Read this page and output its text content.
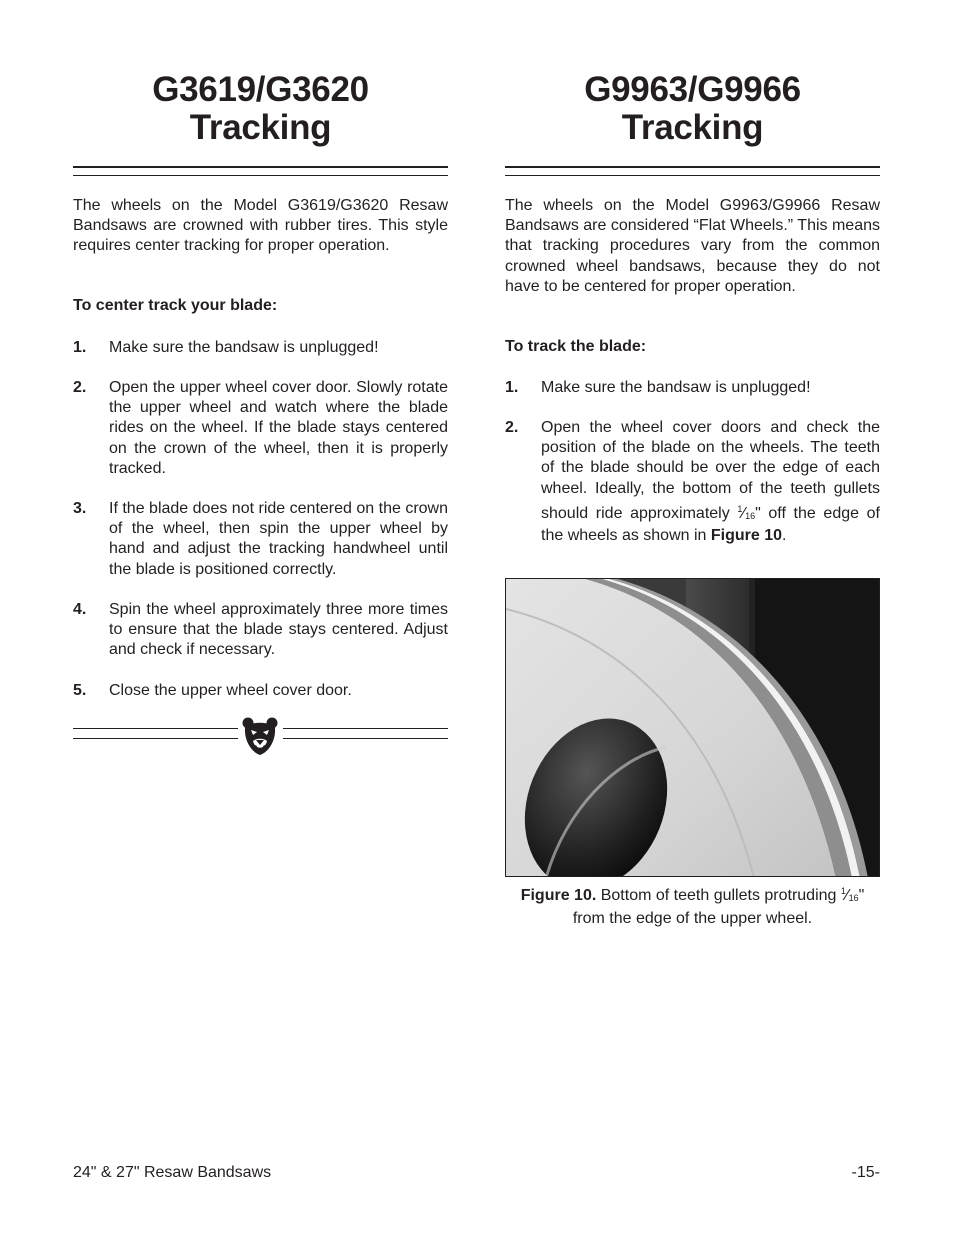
G3619/G3620
Tracking

The wheels on the Model G3619/G3620 Resaw Bandsaws are crowned with rubber tires. This style requires center tracking for proper operation.

To center track your blade:

1. Make sure the bandsaw is unplugged!

2. Open the upper wheel cover door. Slowly rotate the upper wheel and watch where the blade rides on the wheel. If the blade stays centered on the crown of the wheel, then it is properly tracked.

3. If the blade does not ride centered on the crown of the wheel, then spin the upper wheel by hand and adjust the tracking handwheel until the blade is positioned correctly.

4. Spin the wheel approximately three more times to ensure that the blade stays centered. Adjust and check if necessary.

5. Close the upper wheel cover door.

G9963/G9966
Tracking

The wheels on the Model G9963/G9966 Resaw Bandsaws are considered “Flat Wheels.” This means that tracking procedures vary from the common crowned wheel bandsaws, because they do not have to be centered for proper operation.

To track the blade:

1. Make sure the bandsaw is unplugged!

2. Open the wheel cover doors and check the position of the blade on the wheels. The teeth of the blade should be over the edge of each wheel. Ideally, the bottom of the teeth gullets should ride approximately $^1⁄_{16}$" off the edge of the wheels as shown in Figure 10.

Figure 10. Bottom of teeth gullets protruding $^1⁄_{16}$" from the edge of the upper wheel.

24" & 27" Resaw Bandsaws	-15-
